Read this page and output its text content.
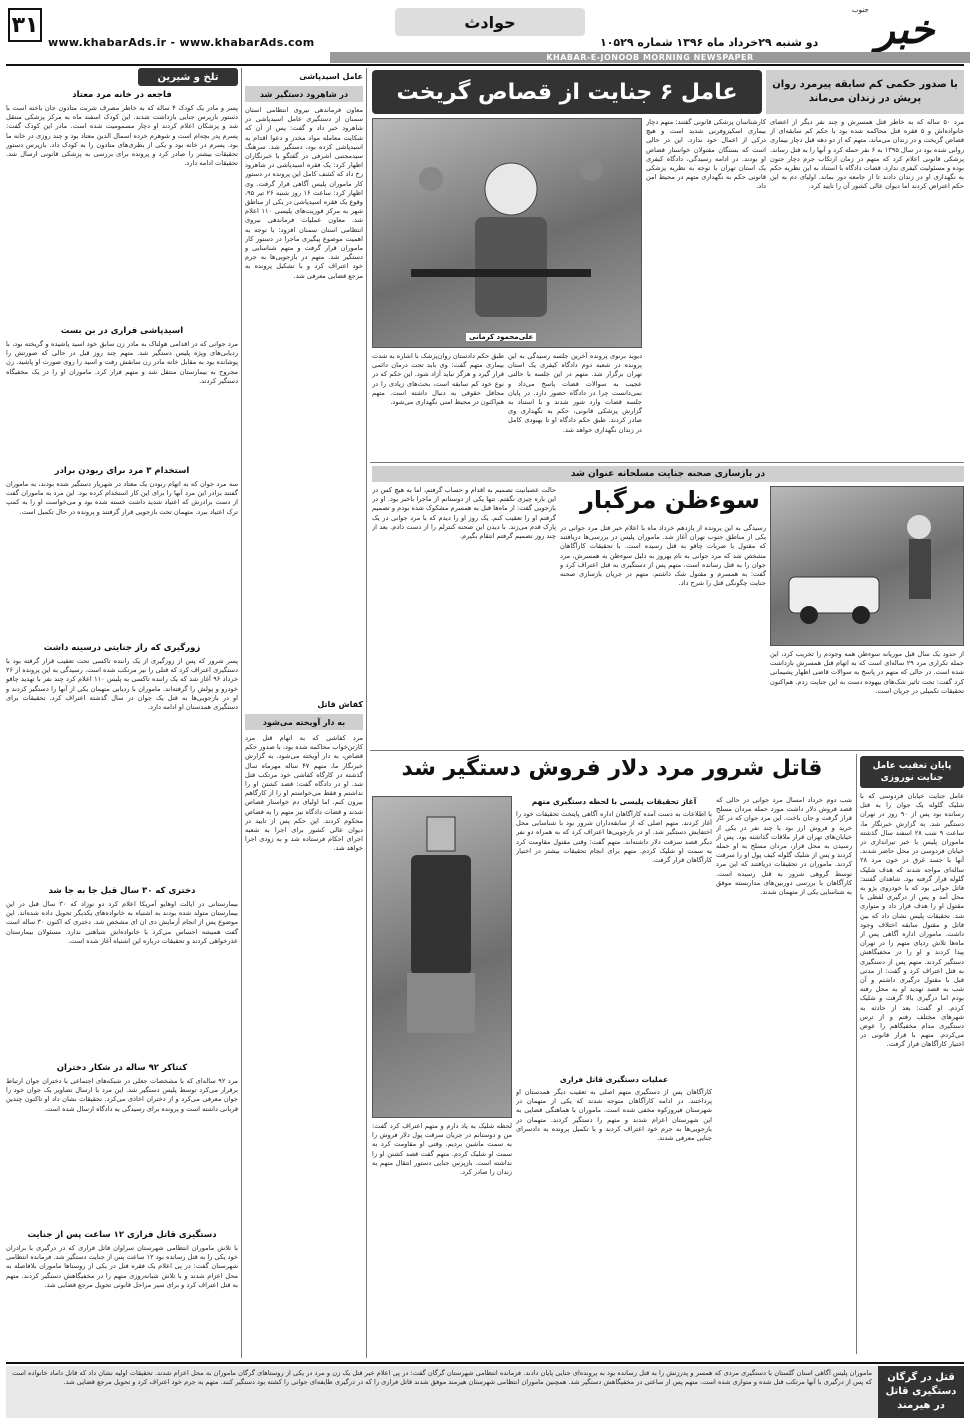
۳۱
www.khabarAds.ir - www.khabarAds.com
حوادث
دو شنبه ۲۹خرداد ماه ۱۳۹۶ شماره ۱۰۵۲۹	خبر
جنوب
KHABAR-E-JONOOB MORNING NEWSPAPER
تلخ و شیرین
فاجعه در خانه مرد معتاد
پسر و مادر یک کودک ۴ ساله که به خاطر مصرف شربت متادون جان باخته است با دستور بازپرس جنایی بازداشت شدند. این کودک اسفند ماه به مرکز پزشکی منتقل شد و پزشکان اعلام کردند او دچار مسمومیت شده است. مادر این کودک گفت: پسرم پدر بچه‌ام است و شوهرم خرده اسمال الدین معتاد بود و چند روزی در خانه ما بود. پسرم در خانه بود و یکی از بطری‌های متادون را به کودک داد. بازپرس دستور تحقیقات بیشتر را صادر کرد و پرونده برای بررسی به پزشکی قانونی ارسال شد. تحقیقات ادامه دارد.
اسیدپاشی فراری در بن بست
مرد جوانی که در اقدامی هولناک به مادر زن سابق خود اسید پاشیده و گریخته بود، با ردیابی‌های ویژه پلیس دستگیر شد. متهم چند روز قبل در حالی که صورتش را پوشانده بود به مقابل خانه مادر زن سابقش رفت و اسید را روی صورت او پاشید. زن مجروح به بیمارستان منتقل شد و متهم فرار کرد. ماموران او را در یک مخفیگاه دستگیر کردند.
استخدام ۳ مرد برای ربودن برادر
سه مرد جوان که به اتهام ربودن یک معتاد در شهریار دستگیر شده بودند، به ماموران گفتند برادر این مرد آنها را برای این کار استخدام کرده بود. این مرد به ماموران گفت از دست برادرش که اعتیاد شدید داشت خسته شده بود و می‌خواست او را به کمپ ترک اعتیاد ببرد. متهمان تحت بازجویی قرار گرفتند و پرونده در حال تکمیل است.
زورگیری که راز جنایتی درسینه داشت
پسر شرور که پس از زورگیری از یک راننده تاکسی تحت تعقیب قرار گرفته بود با دستگیری اعتراف کرد که قتلی را نیز مرتکب شده است. رسیدگی به این پرونده از ۲۶ خرداد ۹۶ آغاز شد که یک راننده تاکسی به پلیس ۱۱۰ اعلام کرد چند نفر با تهدید چاقو خودرو و پولش را گرفته‌اند. ماموران با ردیابی متهمان یکی از آنها را دستگیر کردند و او در بازجویی‌ها به قتل یک جوان در سال گذشته اعتراف کرد. تحقیقات برای دستگیری همدستان او ادامه دارد.
دختری که ۳۰ سال قبل جا به جا شد
بیمارستانی در ایالت اوهایو آمریکا اعلام کرد دو نوزاد که ۳۰ سال قبل در این بیمارستان متولد شده بودند به اشتباه به خانواده‌های یکدیگر تحویل داده شده‌اند. این موضوع پس از انجام آزمایش دی ان ای مشخص شد. دختری که اکنون ۳۰ ساله است گفت همیشه احساس می‌کرد با خانواده‌اش شباهتی ندارد. مسئولان بیمارستان عذرخواهی کردند و تحقیقات درباره این اشتباه آغاز شده است.
کنتاکر ۹۲ ساله در شکار دختران
مرد ۹۲ ساله‌ای که با مشخصات جعلی در شبکه‌های اجتماعی با دختران جوان ارتباط برقرار می‌کرد توسط پلیس دستگیر شد. این مرد با ارسال تصاویر یک جوان خود را جوان معرفی می‌کرد و از دختران اخاذی می‌کرد. تحقیقات نشان داد او تاکنون چندین قربانی داشته است و پرونده برای رسیدگی به دادگاه ارسال شده است.
دستگیری قاتل فراری ۱۲ ساعت پس از جنایت
با تلاش ماموران انتظامی شهرستان سراوان قاتل فراری که در درگیری با برادران خود یکی را به قتل رسانده بود ۱۲ ساعت پس از جنایت دستگیر شد. فرمانده انتظامی شهرستان گفت: در پی اعلام یک فقره قتل در یکی از روستاها ماموران بلافاصله به محل اعزام شدند و با تلاش شبانه‌روزی متهم را در مخفیگاهش دستگیر کردند. متهم به قتل اعتراف کرد و برای سیر مراحل قانونی تحویل مرجع قضایی شد.
عامل اسیدپاشی
در شاهرود دستگیر شد
معاون فرماندهی نیروی انتظامی استان سمنان از دستگیری عامل اسیدپاشی در شاهرود خبر داد و گفت: پس از آن که شکایت معامله مواد مخدر و دعوا اقدام به اسیدپاشی کرده بود، دستگیر شد. سرهنگ سیدمجتبی اشرفی در گفتگو با خبرنگاران اظهار کرد: یک فقره اسیدپاشی در شاهرود رخ داد که کشف کامل این پرونده در دستور کار ماموران پلیس آگاهی قرار گرفت. وی اظهار کرد: ساعت ۱۶ روز شنبه ۲۶ تیر ۹۵، وقوع یک فقره اسیدپاشی در یکی از مناطق شهر به مرکز فوریت‌های پلیسی ۱۱۰ اعلام شد. معاون عملیات فرماندهی نیروی انتظامی استان سمنان افزود: با توجه به اهمیت موضوع پیگیری ماجرا در دستور کار ماموران قرار گرفت و متهم شناسایی و دستگیر شد. متهم در بازجویی‌ها به جرم خود اعتراف کرد و با تشکیل پرونده به مرجع قضایی معرفی شد.
کفاش قاتل
به دار آویخته می‌شود
مرد کفاشی که به اتهام قتل مرد کارتن‌خواب محاکمه شده بود، با صدور حکم قصاص، به دار آویخته می‌شود. به گزارش خبرنگار ما، متهم ۴۷ ساله مهرماه سال گذشته در کارگاه کفاشی خود مرتکب قتل شد. او در دادگاه گفت: قصد کشتن او را نداشتم و فقط می‌خواستم او را از کارگاهم بیرون کنم. اما اولیای دم خواستار قصاص شدند و قضات دادگاه نیز متهم را به قصاص محکوم کردند. این حکم پس از تایید در دیوان عالی کشور برای اجرا به شعبه اجرای احکام فرستاده شد و به زودی اجرا خواهد شد.
عامل ۶ جنایت از قصاص گریخت	با صدور حکمی کم سابقه پیرمرد روان پریش در زندان می‌ماند
علی‌محمود کرمانی
مرد ۵۰ ساله که به خاطر قتل همسرش و چند نفر دیگر از اعضای خانواده‌اش و ۵ فقره قتل محاکمه شده بود با حکم کم سابقه‌ای از قصاص گریخت و در زندان می‌ماند. متهم که از دو دهه قبل دچار بیماری روانی شده بود در سال ۱۳۹۵ به ۶ نفر حمله کرد و آنها را به قتل رساند. پزشکی قانونی اعلام کرد که متهم در زمان ارتکاب جرم دچار جنون بوده و مسئولیت کیفری ندارد. قضات دادگاه با استناد به این نظریه حکم به نگهداری او در زندان دادند تا از جامعه دور بماند. اولیای دم به این حکم اعتراض کردند اما دیوان عالی کشور آن را تایید کرد.
کارشناسان پزشکی قانونی گفتند: متهم دچار بیماری اسکیزوفرنی شدید است و هیچ درکی از اعمال خود ندارد. این در حالی است که بستگان مقتولان خواستار قصاص او بودند. در ادامه رسیدگی، دادگاه کیفری یک استان تهران با توجه به نظریه پزشکی قانونی حکم به نگهداری متهم در محیط امن داد.
دیوید برنوی پرونده آخرین جلسه رسیدگی به این پرونده در شعبه دوم دادگاه کیفری یک استان تهران برگزار شد. متهم در این جلسه با حالتی عجیب به سوالات قضات پاسخ می‌داد و نمی‌دانست چرا در دادگاه حضور دارد. در پایان جلسه قضات وارد شور شدند و با استناد به گزارش پزشکی قانونی، حکم به نگهداری وی صادر کردند. طبق حکم دادگاه او تا بهبودی کامل در زندان نگهداری خواهد شد.
طبق حکم دادستان روان‌پزشک با اشاره به شدت بیماری متهم گفت: وی باید تحت درمان دائمی قرار گیرد و هرگز نباید آزاد شود. این حکم که در نوع خود کم سابقه است، بحث‌های زیادی را در محافل حقوقی به دنبال داشته است. متهم هم‌اکنون در محیط امنی نگهداری می‌شود.
در بازسازی صحنه جنایت مسلحانه عنوان شد
سوءظن مرگبار
رسیدگی به این پرونده از یازدهم خرداد ماه با اعلام خبر قتل مرد جوانی در یکی از مناطق جنوب تهران آغاز شد. ماموران پلیس در بررسی‌ها دریافتند که مقتول با ضربات چاقو به قتل رسیده است. با تحقیقات کارآگاهان مشخص شد که مرد جوانی به نام بهروز به دلیل سوءظن به همسرش، مرد جوان را به قتل رسانده است. متهم پس از دستگیری به قتل اعتراف کرد و گفت: به همسرم و مقتول شک داشتم. متهم در جریان بازسازی صحنه جنایت چگونگی قتل را شرح داد.
حالت عصبانیت تصمیم به اقدام و حساب گرفتم، اما به هیچ کس در این باره چیزی نگفتم. تنها یکی از دوستانم از ماجرا باخبر بود. او در بازجویی گفت: از ماه‌ها قبل به همسرم مشکوک شده بودم و تصمیم گرفتم او را تعقیب کنم. یک روز او را دیدم که با مرد جوانی در یک پارک قدم می‌زند. با دیدن این صحنه کنترلم را از دست دادم. بعد از چند روز تصمیم گرفتم انتقام بگیرم.
از حدود یک سال قبل موریانه سوءظن همه وجودم را تخریب کرد، این جمله تکراری مرد ۲۹ ساله‌ای است که به اتهام قتل همسرش بازداشت شده است. در حالی که متهم در پاسخ به سوالات قاضی اظهار پشیمانی کرد گفت: تحت تاثیر شک‌های بیهوده دست به این جنایت زدم. هم‌اکنون تحقیقات تکمیلی در جریان است.
پایان تعقیب عامل جنایت نوروزی
عامل جنایت خیابان فردوسی که با شلیک گلوله یک جوان را به قتل رسانده بود پس از ۹۰ روز در تهران دستگیر شد. به گزارش خبرنگار ما، ساعت ۹ شب ۲۸ اسفند سال گذشته ماموران پلیس با خبر تیراندازی در خیابان فردوسی در محل حاضر شدند. آنها با جسد غرق در خون مرد ۲۸ ساله‌ای مواجه شدند که هدف شلیک گلوله قرار گرفته بود. شاهدان گفتند: قاتل جوانی بود که با خودروی پژو به محل آمد و پس از درگیری لفظی با مقتول او را هدف قرار داد و متواری شد. تحقیقات پلیس نشان داد که بین قاتل و مقتول سابقه اختلاف وجود داشت. ماموران اداره آگاهی پس از ماه‌ها تلاش ردپای متهم را در تهران پیدا کردند و او را در مخفیگاهش دستگیر کردند. متهم پس از دستگیری به قتل اعتراف کرد و گفت: از مدتی قبل با مقتول درگیری داشتم و آن شب به قصد تهدید او به محل رفته بودم اما درگیری بالا گرفت و شلیک کردم. او گفت: بعد از حادثه به شهرهای مختلف رفتم و از ترس دستگیری مدام مخفیگاهم را عوض می‌کردم. متهم با قرار قانونی در اختیار کارآگاهان قرار گرفت.
قاتل شرور مرد دلار فروش دستگیر شد
شب دوم خرداد امسال مرد جوانی در حالی که قصد فروش دلار داشت مورد حمله مردان مسلح قرار گرفت و جان باخت. این مرد جوان که در کار خرید و فروش ارز بود با چند نفر در یکی از خیابان‌های تهران قرار ملاقات گذاشته بود. پس از رسیدن به محل قرار، مردان مسلح به او حمله کردند و پس از شلیک گلوله کیف پول او را سرقت کردند. ماموران در تحقیقات دریافتند که این مرد توسط گروهی شرور به قتل رسیده است. کارآگاهان با بررسی دوربین‌های مداربسته موفق به شناسایی یکی از متهمان شدند.
آغاز تحقیقات پلیسی با لحظه دستگیری متهم
با اطلاعات به دست آمده کارآگاهان اداره آگاهی پایتخت تحقیقات خود را آغاز کردند. متهم اصلی که از سابقه‌داران شرور بود با شناسایی محل اختفایش دستگیر شد. او در بازجویی‌ها اعتراف کرد که به همراه دو نفر دیگر قصد سرقت دلار داشته‌اند. متهم گفت: وقتی مقتول مقاومت کرد به سمت او شلیک کردم. متهم برای انجام تحقیقات بیشتر در اختیار کارآگاهان قرار گرفت.
عملیات دستگیری قاتل فراری
کارآگاهان پس از دستگیری متهم اصلی به تعقیب دیگر همدستان او پرداختند. در ادامه کارآگاهان متوجه شدند که یکی از متهمان در شهرستان فیروزکوه مخفی شده است. ماموران با هماهنگی قضایی به این شهرستان اعزام شدند و متهم را دستگیر کردند. متهمان در بازجویی‌ها به جرم خود اعتراف کردند و با تکمیل پرونده به دادسرای جنایی معرفی شدند.
لحظه شلیک به یاد دارم و متهم اعتراف کرد گفت: من و دوستانم در جریان سرقت پول دلار فروش را به سمت ماشین بردیم. وقتی او مقاومت کرد به سمت او شلیک کردم. متهم گفت قصد کشتن او را نداشته است. بازپرس جنایی دستور انتقال متهم به زندان را صادر کرد.
قتل در گرگان
دستگیری قاتل
در هیرمند
ماموران پلیس آگاهی استان گلستان با دستگیری مردی که همسر و پدرزنش را به قتل رسانده بود به پرونده‌ای جنایی پایان دادند. فرمانده انتظامی شهرستان گرگان گفت: در پی اعلام خبر قتل یک زن و مرد در یکی از روستاهای گرگان ماموران به محل اعزام شدند. تحقیقات اولیه نشان داد که قاتل داماد خانواده است که پس از درگیری با آنها مرتکب قتل شده و متواری شده است. متهم پس از ساعتی در مخفیگاهش دستگیر شد. همچنین ماموران انتظامی شهرستان هیرمند موفق شدند قاتل فراری را که در درگیری طایفه‌ای جوانی را کشته بود دستگیر کنند. متهم به جرم خود اعتراف کرد و تحویل مرجع قضایی شد.
